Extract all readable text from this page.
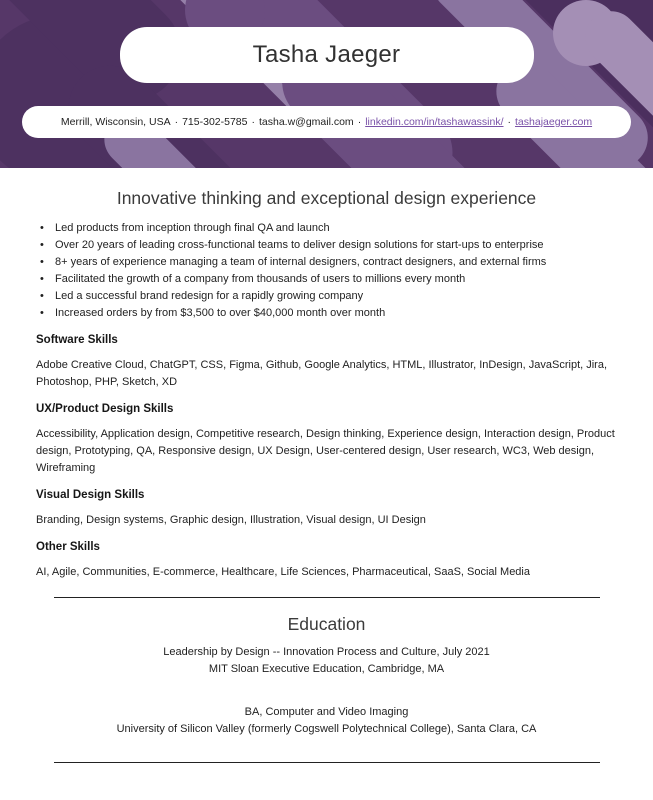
Tasha Jaeger
Merrill, Wisconsin, USA · 715-302-5785 · tasha.w@gmail.com · linkedin.com/in/tashawassink/ · tashajaeger.com
Innovative thinking and exceptional design experience
• Led products from inception through final QA and launch
• Over 20 years of leading cross-functional teams to deliver design solutions for start-ups to enterprise
• 8+ years of experience managing a team of internal designers, contract designers, and external firms
• Facilitated the growth of a company from thousands of users to millions every month
• Led a successful brand redesign for a rapidly growing company
• Increased orders by from $3,500 to over $40,000 month over month
Software Skills

Adobe Creative Cloud, ChatGPT, CSS, Figma, Github, Google Analytics, HTML, Illustrator, InDesign, JavaScript, Jira, Photoshop, PHP, Sketch, XD

UX/Product Design Skills

Accessibility, Application design, Competitive research, Design thinking, Experience design, Interaction design, Product design, Prototyping, QA, Responsive design, UX Design, User-centered design, User research, WC3, Web design, Wireframing

Visual Design Skills

Branding, Design systems, Graphic design, Illustration, Visual design, UI Design

Other Skills

AI, Agile, Communities, E-commerce, Healthcare, Life Sciences, Pharmaceutical, SaaS, Social Media

Education
Leadership by Design -- Innovation Process and Culture, July 2021
MIT Sloan Executive Education, Cambridge, MA
BA, Computer and Video Imaging
University of Silicon Valley (formerly Cogswell Polytechnical College), Santa Clara, CA
